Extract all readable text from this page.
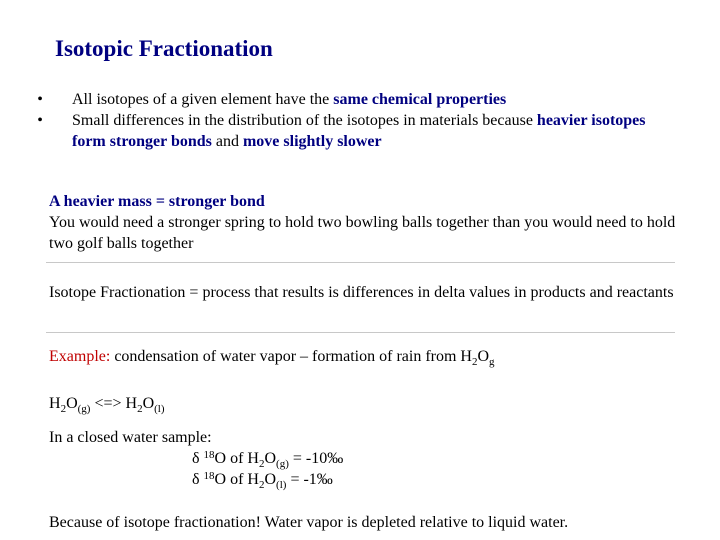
Isotopic Fractionation
•	All isotopes of a given element have the same chemical properties
•	Small differences in the distribution of the isotopes in materials because heavier isotopes form stronger bonds and move slightly slower
A heavier mass = stronger bond
You would need a stronger spring to hold two bowling balls together than you would need to hold two golf balls together
Isotope Fractionation = process that results is differences in delta values in products and reactants
Example: condensation of water vapor – formation of rain from $H_2O_g$
$H_2O_{(g)}$ <=> $H_2O_{(l)}$
In a closed water sample:

δ $^{18}$O of $H_2O_{(g)}$ = -10‰
δ $^{18}$O of $H_2O_{(l)}$ = -1‰
Because of isotope fractionation! Water vapor is depleted relative to liquid water.
